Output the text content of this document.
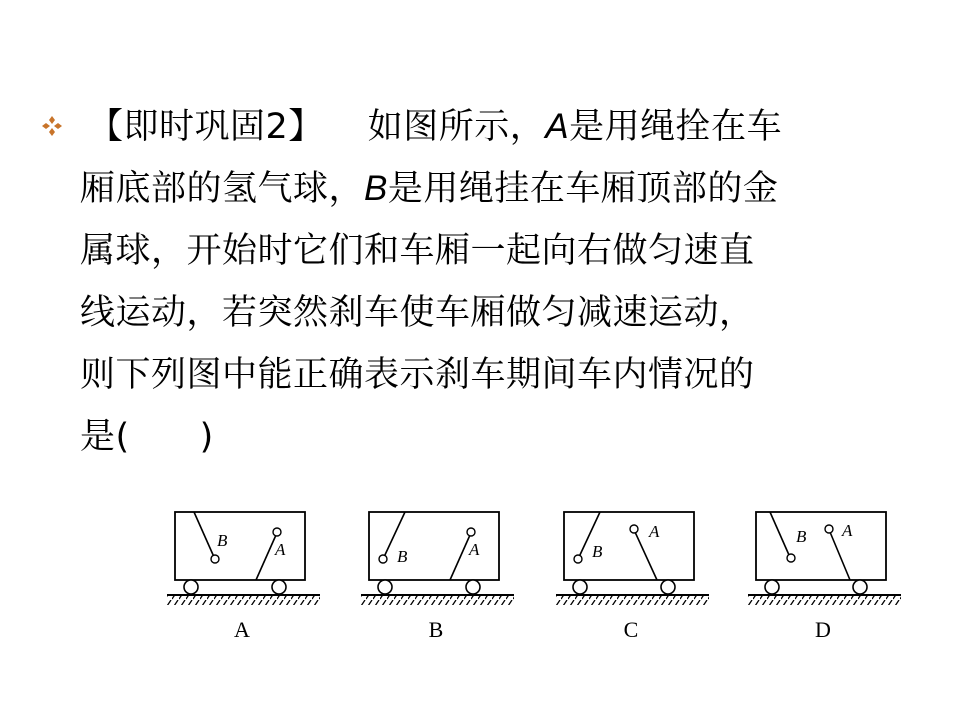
【即时巩固2】 如图所示，A是用绳拴在车
厢底部的氢气球，B是用绳挂在车厢顶部的金
属球，开始时它们和车厢一起向右做匀速直
线运动，若突然刹车使车厢做匀减速运动，
则下列图中能正确表示刹车期间车内情况的
是( )
B	A
A
B	A
B
B
A
C
B A
D
